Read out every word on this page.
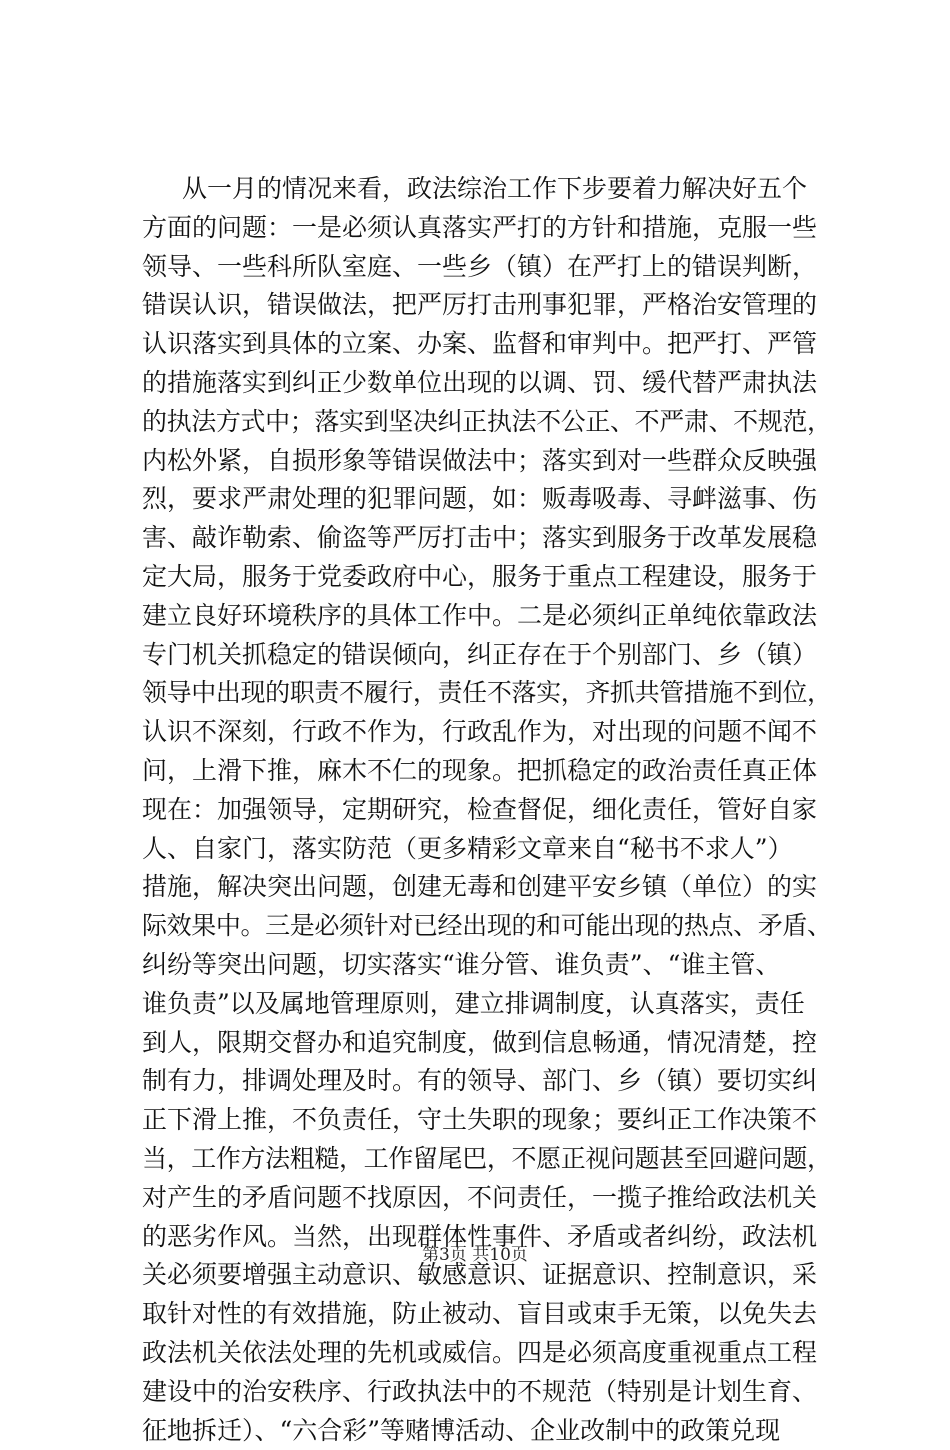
从一月的情况来看，政法综治工作下步要着力解决好五个
方面的问题：一是必须认真落实严打的方针和措施，克服一些
领导、一些科所队室庭、一些乡（镇）在严打上的错误判断，
错误认识，错误做法，把严厉打击刑事犯罪，严格治安管理的
认识落实到具体的立案、办案、监督和审判中。把严打、严管
的措施落实到纠正少数单位出现的以调、罚、缓代替严肃执法
的执法方式中；落实到坚决纠正执法不公正、不严肃、不规范，
内松外紧，自损形象等错误做法中；落实到对一些群众反映强
烈，要求严肃处理的犯罪问题，如：贩毒吸毒、寻衅滋事、伤
害、敲诈勒索、偷盗等严厉打击中；落实到服务于改革发展稳
定大局，服务于党委政府中心，服务于重点工程建设，服务于
建立良好环境秩序的具体工作中。二是必须纠正单纯依靠政法
专门机关抓稳定的错误倾向，纠正存在于个别部门、乡（镇）
领导中出现的职责不履行，责任不落实，齐抓共管措施不到位，
认识不深刻，行政不作为，行政乱作为，对出现的问题不闻不
问，上滑下推，麻木不仁的现象。把抓稳定的政治责任真正体
现在：加强领导，定期研究，检查督促，细化责任，管好自家
人、自家门，落实防范（更多精彩文章来自“秘书不求人”）
措施，解决突出问题，创建无毒和创建平安乡镇（单位）的实
际效果中。三是必须针对已经出现的和可能出现的热点、矛盾、
纠纷等突出问题，切实落实“谁分管、谁负责”、“谁主管、
谁负责”以及属地管理原则，建立排调制度，认真落实，责任
到人，限期交督办和追究制度，做到信息畅通，情况清楚，控
制有力，排调处理及时。有的领导、部门、乡（镇）要切实纠
正下滑上推，不负责任，守土失职的现象；要纠正工作决策不
当，工作方法粗糙，工作留尾巴，不愿正视问题甚至回避问题，
对产生的矛盾问题不找原因，不问责任，一揽子推给政法机关
的恶劣作风。当然，出现群体性事件、矛盾或者纠纷，政法机
关必须要增强主动意识、敏感意识、证据意识、控制意识，采
取针对性的有效措施，防止被动、盲目或束手无策，以免失去
政法机关依法处理的先机或威信。四是必须高度重视重点工程
建设中的治安秩序、行政执法中的不规范（特别是计划生育、
征地拆迁）、“六合彩”等赌博活动、企业改制中的政策兑现
第3页 共10页
